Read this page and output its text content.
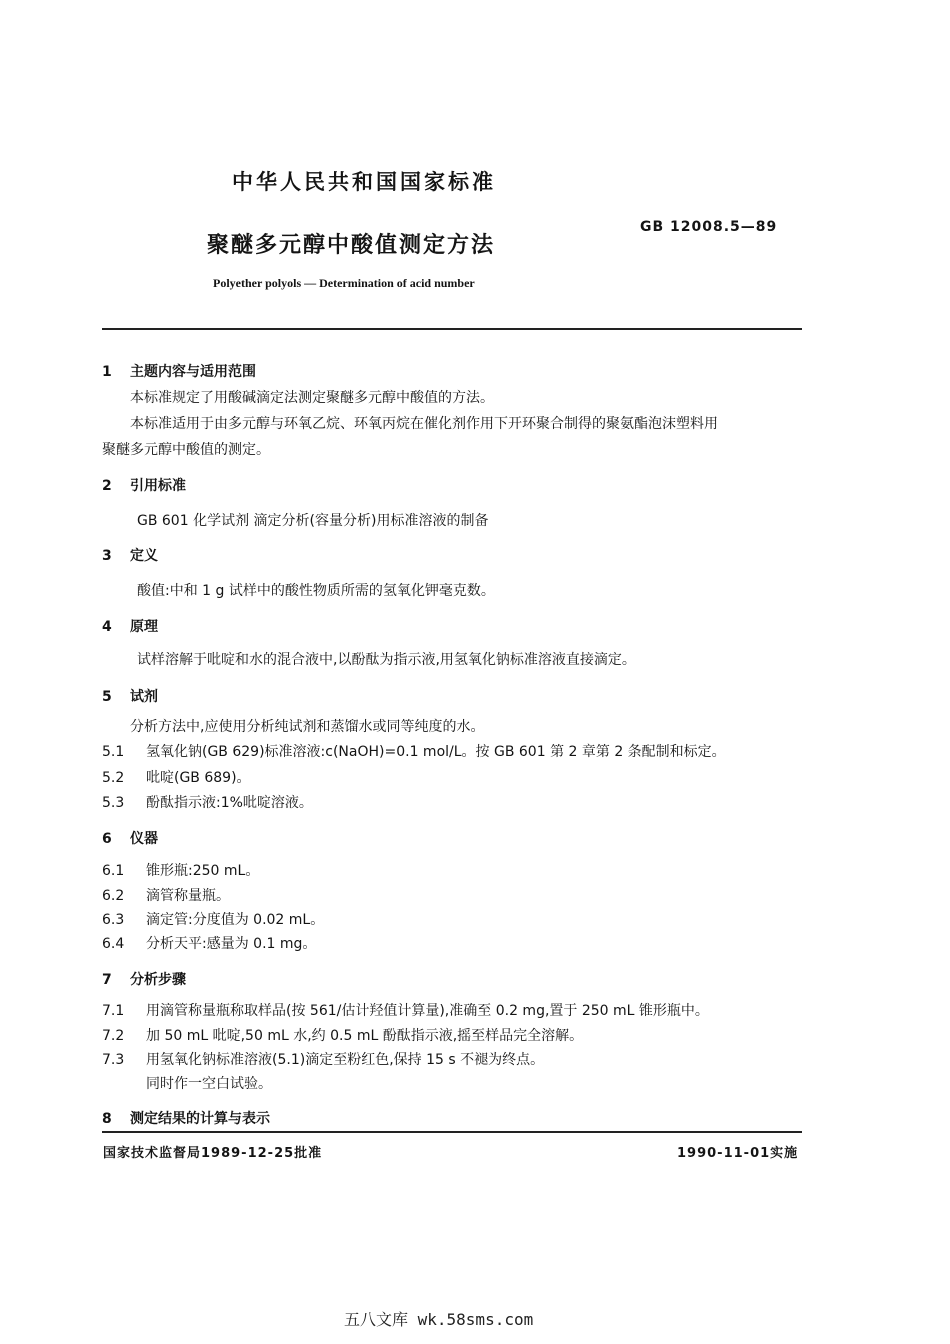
中华人民共和国国家标准
GB 12008.5—89
聚醚多元醇中酸值测定方法
Polyether polyols — Determination of acid number
1 主题内容与适用范围
本标准规定了用酸碱滴定法测定聚醚多元醇中酸值的方法。
本标准适用于由多元醇与环氧乙烷、环氧丙烷在催化剂作用下开环聚合制得的聚氨酯泡沫塑料用
聚醚多元醇中酸值的测定。
2 引用标准
GB 601 化学试剂 滴定分析(容量分析)用标准溶液的制备
3 定义
酸值:中和 1 g 试样中的酸性物质所需的氢氧化钾毫克数。
4 原理
试样溶解于吡啶和水的混合液中,以酚酞为指示液,用氢氧化钠标准溶液直接滴定。
5 试剂
分析方法中,应使用分析纯试剂和蒸馏水或同等纯度的水。
5.1 氢氧化钠(GB 629)标准溶液:c(NaOH)=0.1 mol/L。按 GB 601 第 2 章第 2 条配制和标定。
5.2 吡啶(GB 689)。
5.3 酚酞指示液:1%吡啶溶液。
6 仪器
6.1 锥形瓶:250 mL。
6.2 滴管称量瓶。
6.3 滴定管:分度值为 0.02 mL。
6.4 分析天平:感量为 0.1 mg。
7 分析步骤
7.1 用滴管称量瓶称取样品(按 561/估计羟值计算量),准确至 0.2 mg,置于 250 mL 锥形瓶中。
7.2 加 50 mL 吡啶,50 mL 水,约 0.5 mL 酚酞指示液,摇至样品完全溶解。
7.3 用氢氧化钠标准溶液(5.1)滴定至粉红色,保持 15 s 不褪为终点。
同时作一空白试验。
8 测定结果的计算与表示
国家技术监督局1989-12-25批准	1990-11-01实施
五八文库 wk.58sms.com
